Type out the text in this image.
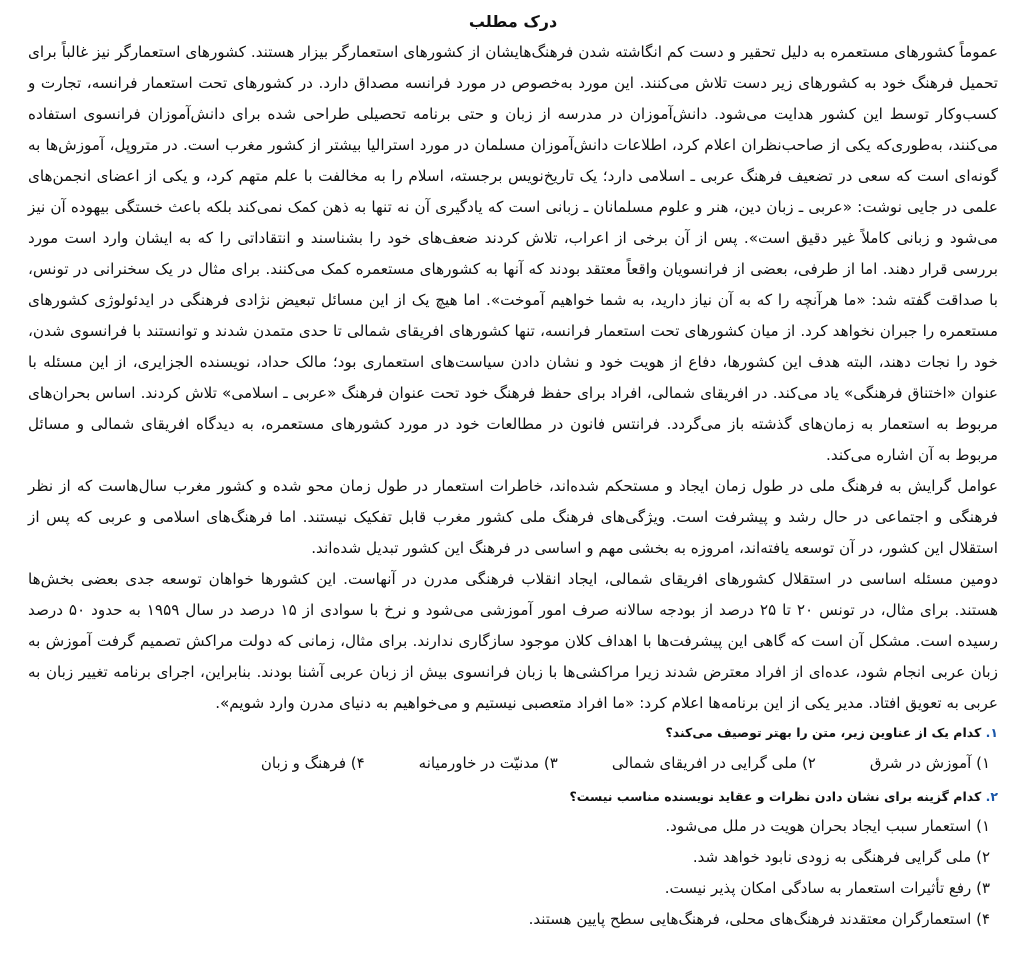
درک مطلب

عموماً کشورهای مستعمره به دلیل تحقیر و دست کم انگاشته شدن فرهنگ‌هایشان از کشورهای استعمارگر بیزار هستند. کشورهای استعمارگر نیز غالباً برای تحمیل فرهنگ خود به کشورهای زیر دست تلاش می‌کنند. این مورد به‌خصوص در مورد فرانسه مصداق دارد. در کشورهای تحت استعمار فرانسه، تجارت و کسب‌وکار توسط این کشور هدایت می‌شود. دانش‌آموزان در مدرسه از زبان و حتی برنامه تحصیلی طراحی شده برای دانش‌آموزان فرانسوی استفاده می‌کنند، به‌طوری‌که یکی از صاحب‌نظران اعلام کرد، اطلاعات دانش‌آموزان مسلمان در مورد استرالیا بیشتر از کشور مغرب است. در متروپل، آموزش‌ها به گونه‌ای است که سعی در تضعیف فرهنگ عربی ـ اسلامی دارد؛ یک تاریخ‌نویس برجسته، اسلام را به مخالفت با علم متهم کرد، و یکی از اعضای انجمن‌های علمی در جایی نوشت: «عربی ـ زبان دین، هنر و علوم مسلمانان ـ زبانی است که یادگیری آن نه تنها به ذهن کمک نمی‌کند بلکه باعث خستگی بیهوده آن نیز می‌شود و زبانی کاملاً غیر دقیق است». پس از آن برخی از اعراب، تلاش کردند ضعف‌های خود را بشناسند و انتقاداتی را که به ایشان وارد است مورد بررسی قرار دهند. اما از طرفی، بعضی از فرانسویان واقعاً معتقد بودند که آنها به کشورهای مستعمره کمک می‌کنند. برای مثال در یک سخنرانی در تونس، با صداقت گفته شد: «ما هرآنچه را که به آن نیاز دارید، به شما خواهیم آموخت». اما هیچ یک از این مسائل تبعیض نژادی فرهنگی در ایدئولوژی کشورهای مستعمره را جبران نخواهد کرد. از میان کشورهای تحت استعمار فرانسه، تنها کشورهای افریقای شمالی تا حدی متمدن شدند و توانستند با فرانسوی شدن، خود را نجات دهند، البته هدف این کشورها، دفاع از هویت خود و نشان دادن سیاست‌های استعماری بود؛ مالک حداد، نویسنده الجزایری، از این مسئله با عنوان «اختناق فرهنگی» یاد می‌کند. در افریقای شمالی، افراد برای حفظ فرهنگ خود تحت عنوان فرهنگ «عربی ـ اسلامی» تلاش کردند. اساس بحران‌های مربوط به استعمار به زمان‌های گذشته باز می‌گردد. فرانتس فانون در مطالعات خود در مورد کشورهای مستعمره، به دیدگاه افریقای شمالی و مسائل مربوط به آن اشاره می‌کند.

عوامل گرایش به فرهنگ ملی در طول زمان ایجاد و مستحکم شده‌اند، خاطرات استعمار در طول زمان محو شده و کشور مغرب سال‌هاست که از نظر فرهنگی و اجتماعی در حال رشد و پیشرفت است. ویژگی‌های فرهنگ ملی کشور مغرب قابل تفکیک نیستند. اما فرهنگ‌های اسلامی و عربی که پس از استقلال این کشور، در آن توسعه یافته‌اند، امروزه به بخشی مهم و اساسی در فرهنگ این کشور تبدیل شده‌اند.

دومین مسئله اساسی در استقلال کشورهای افریقای شمالی، ایجاد انقلاب فرهنگی مدرن در آنهاست. این کشورها خواهان توسعه جدی بعضی بخش‌ها هستند. برای مثال، در تونس ۲۰ تا ۲۵ درصد از بودجه سالانه صرف امور آموزشی می‌شود و نرخ با سوادی از ۱۵ درصد در سال ۱۹۵۹ به حدود ۵۰ درصد رسیده است. مشکل آن است که گاهی این پیشرفت‌ها با اهداف کلان موجود سازگاری ندارند. برای مثال، زمانی که دولت مراکش تصمیم گرفت آموزش به زبان عربی انجام شود، عده‌ای از افراد معترض شدند زیرا مراکشی‌ها با زبان فرانسوی بیش از زبان عربی آشنا بودند. بنابراین، اجرای برنامه تغییر زبان به عربی به تعویق افتاد. مدیر یکی از این برنامه‌ها اعلام کرد: «ما افراد متعصبی نیستیم و می‌خواهیم به دنیای مدرن وارد شویم».

۱. کدام یک از عناوین زیر، متن را بهتر توصیف می‌کند؟
۱) آموزش در شرق
۲) ملی گرایی در افریقای شمالی
۳) مدنیّت در خاورمیانه
۴) فرهنگ و زبان
۲. کدام گزینه برای نشان دادن نظرات و عقاید نویسنده مناسب نیست؟
۱) استعمار سبب ایجاد بحران هویت در ملل می‌شود.
۲) ملی گرایی فرهنگی به زودی نابود خواهد شد.
۳) رفع تأثیرات استعمار به سادگی امکان پذیر نیست.
۴) استعمارگران معتقدند فرهنگ‌های محلی، فرهنگ‌هایی سطح پایین هستند.
